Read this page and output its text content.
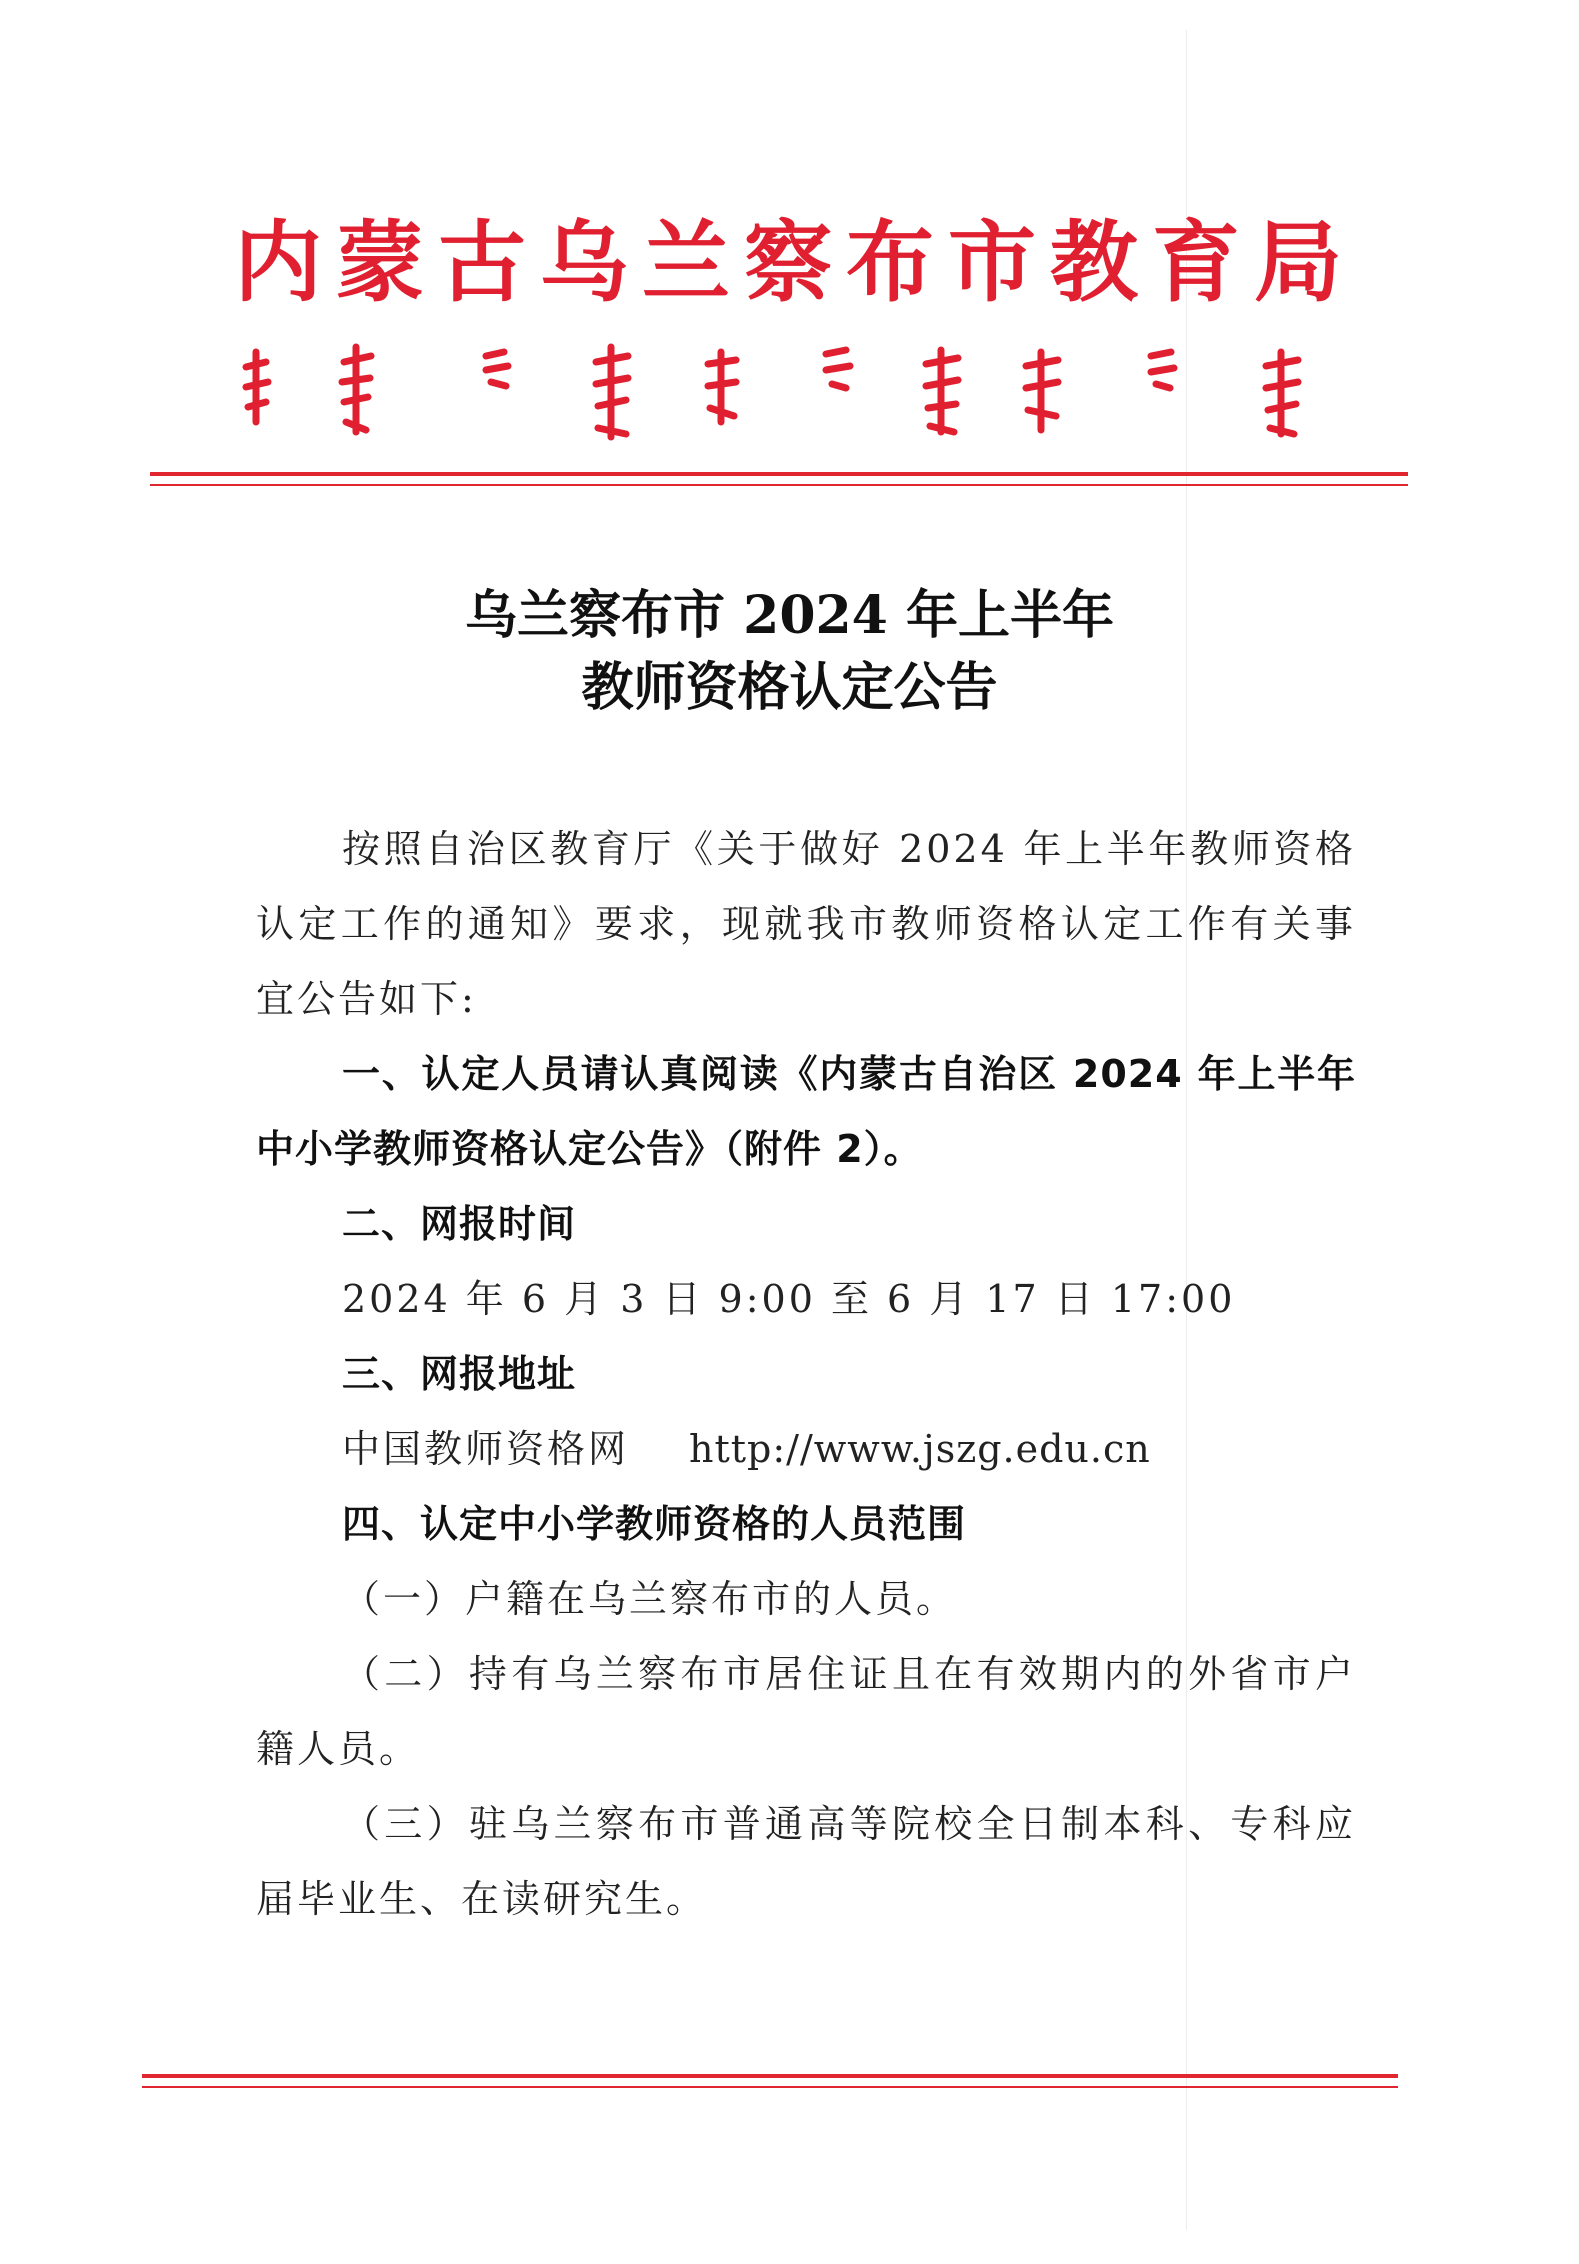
内蒙古乌兰察布市教育局
乌兰察布市 2024 年上半年
教师资格认定公告

按照自治区教育厅《关于做好 2024 年上半年教师资格认定工作的通知》要求，现就我市教师资格认定工作有关事宜公告如下:

一、认定人员请认真阅读《内蒙古自治区 2024 年上半年中小学教师资格认定公告》（附件 2）。

二、网报时间

2024 年 6 月 3 日 9:00 至 6 月 17 日 17:00

三、网报地址

中国教师资格网 http://www.jszg.edu.cn

四、认定中小学教师资格的人员范围

（一）户籍在乌兰察布市的人员。

（二）持有乌兰察布市居住证且在有效期内的外省市户籍人员。

（三）驻乌兰察布市普通高等院校全日制本科、专科应届毕业生、在读研究生。
